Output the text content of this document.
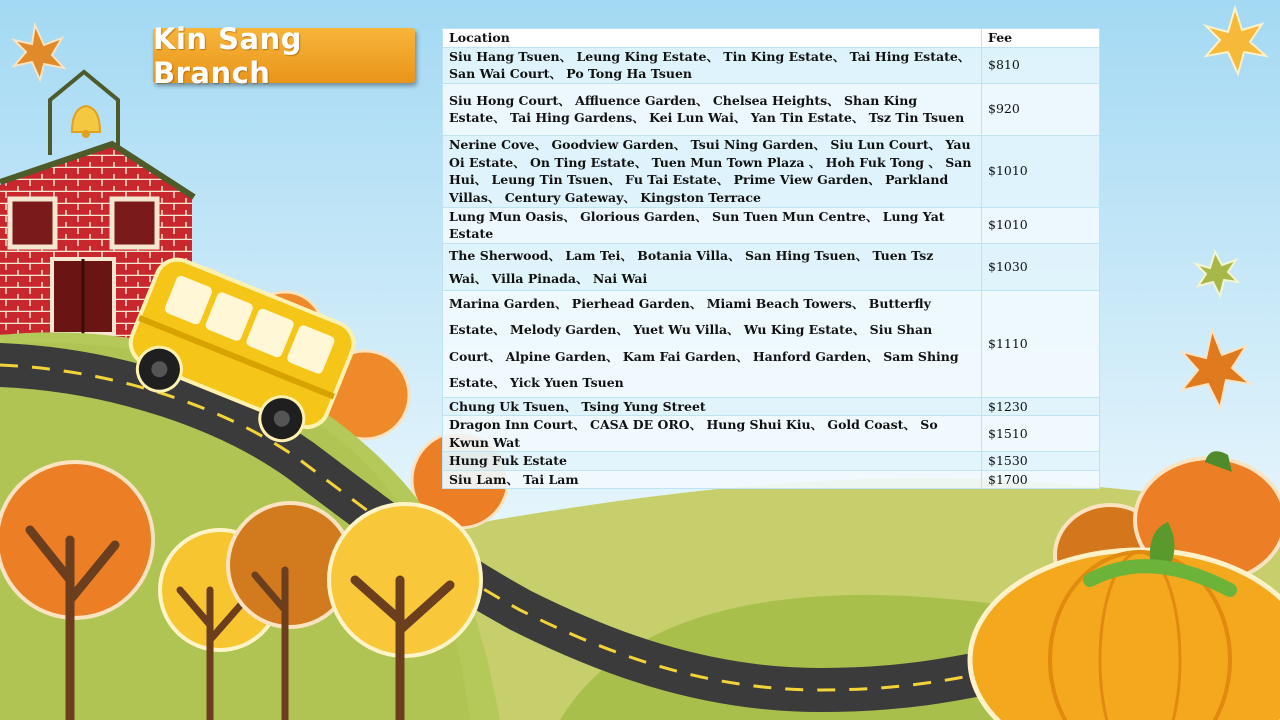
Kin Sang Branch
Location	Fee
Siu Hang Tsuen、 Leung King Estate、 Tin King Estate、 Tai Hing Estate、 San Wai Court、 Po Tong Ha Tsuen	$810
Siu Hong Court、 Affluence Garden、 Chelsea Heights、 Shan King Estate、 Tai Hing Gardens、 Kei Lun Wai、 Yan Tin Estate、 Tsz Tin Tsuen	$920
Nerine Cove、 Goodview Garden、 Tsui Ning Garden、 Siu Lun Court、 Yau Oi Estate、 On Ting Estate、 Tuen Mun Town Plaza 、 Hoh Fuk Tong 、 San Hui、 Leung Tin Tsuen、 Fu Tai Estate、 Prime View Garden、 Parkland Villas、 Century Gateway、 Kingston Terrace	$1010
Lung Mun Oasis、 Glorious Garden、 Sun Tuen Mun Centre、 Lung Yat Estate	$1010
The Sherwood、 Lam Tei、 Botania Villa、 San Hing Tsuen、 Tuen Tsz Wai、 Villa Pinada、 Nai Wai	$1030
Marina Garden、 Pierhead Garden、 Miami Beach Towers、 Butterfly Estate、 Melody Garden、 Yuet Wu Villa、 Wu King Estate、 Siu Shan Court、 Alpine Garden、 Kam Fai Garden、 Hanford Garden、 Sam Shing Estate、 Yick Yuen Tsuen	$1110
Chung Uk Tsuen、 Tsing Yung Street	$1230
Dragon Inn Court、 CASA DE ORO、 Hung Shui Kiu、 Gold Coast、 So Kwun Wat	$1510
Hung Fuk Estate	$1530
Siu Lam、 Tai Lam	$1700
